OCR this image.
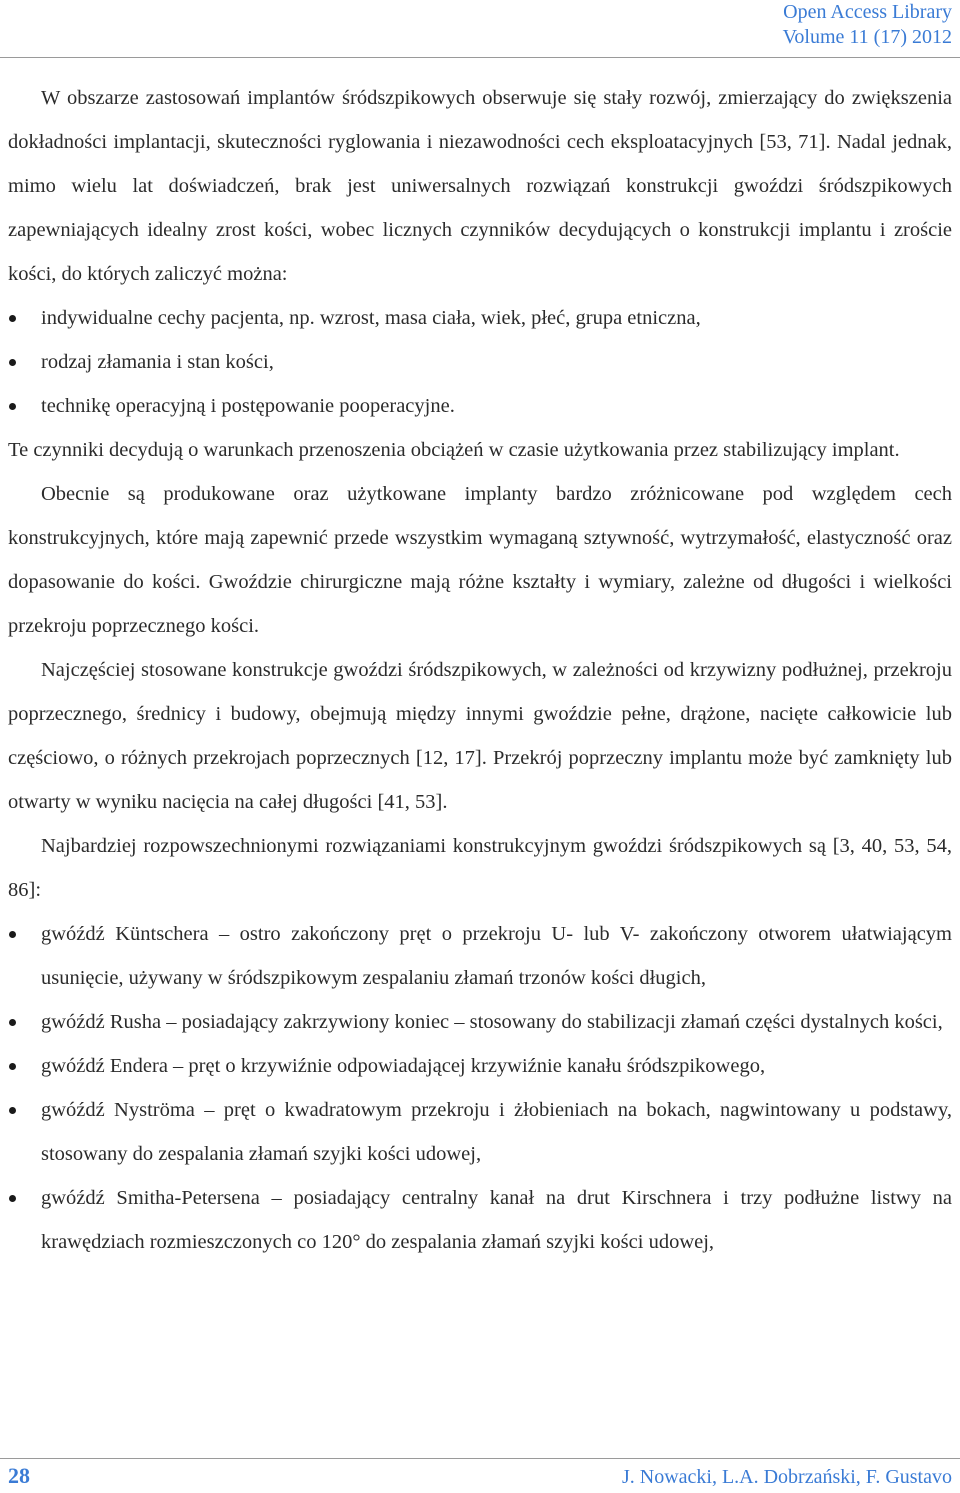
Open Access Library
Volume 11 (17) 2012

W obszarze zastosowań implantów śródszpikowych obserwuje się stały rozwój, zmierzający do zwiększenia dokładności implantacji, skuteczności ryglowania i niezawodności cech eksploatacyjnych [53, 71]. Nadal jednak, mimo wielu lat doświadczeń, brak jest uniwersalnych rozwiązań konstrukcji gwoździ śródszpikowych zapewniających idealny zrost kości, wobec licznych czynników decydujących o konstrukcji implantu i zroście kości, do których zaliczyć można:

indywidualne cechy pacjenta, np. wzrost, masa ciała, wiek, płeć, grupa etniczna,
rodzaj złamania i stan kości,
technikę operacyjną i postępowanie pooperacyjne.

Te czynniki decydują o warunkach przenoszenia obciążeń w czasie użytkowania przez stabilizujący implant.

Obecnie są produkowane oraz użytkowane implanty bardzo zróżnicowane pod względem cech konstrukcyjnych, które mają zapewnić przede wszystkim wymaganą sztywność, wytrzymałość, elastyczność oraz dopasowanie do kości. Gwoździe chirurgiczne mają różne kształty i wymiary, zależne od długości i wielkości przekroju poprzecznego kości.

Najczęściej stosowane konstrukcje gwoździ śródszpikowych, w zależności od krzywizny podłużnej, przekroju poprzecznego, średnicy i budowy, obejmują między innymi gwoździe pełne, drążone, nacięte całkowicie lub częściowo, o różnych przekrojach poprzecznych [12, 17]. Przekrój poprzeczny implantu może być zamknięty lub otwarty w wyniku nacięcia na całej długości [41, 53].

Najbardziej rozpowszechnionymi rozwiązaniami konstrukcyjnym gwoździ śródszpikowych są [3, 40, 53, 54, 86]:

gwóźdź Küntschera – ostro zakończony pręt o przekroju U- lub V- zakończony otworem ułatwiającym usunięcie, używany w śródszpikowym zespalaniu złamań trzonów kości długich,
gwóźdź Rusha – posiadający zakrzywiony koniec – stosowany do stabilizacji złamań części dystalnych kości,
gwóźdź Endera – pręt o krzywiźnie odpowiadającej krzywiźnie kanału śródszpikowego,
gwóźdź Nyströma – pręt o kwadratowym przekroju i żłobieniach na bokach, nagwintowany u podstawy, stosowany do zespalania złamań szyjki kości udowej,
gwóźdź Smitha-Petersena – posiadający centralny kanał na drut Kirschnera i trzy podłużne listwy na krawędziach rozmieszczonych co 120° do zespalania złamań szyjki kości udowej,
28	J. Nowacki, L.A. Dobrzański, F. Gustavo
